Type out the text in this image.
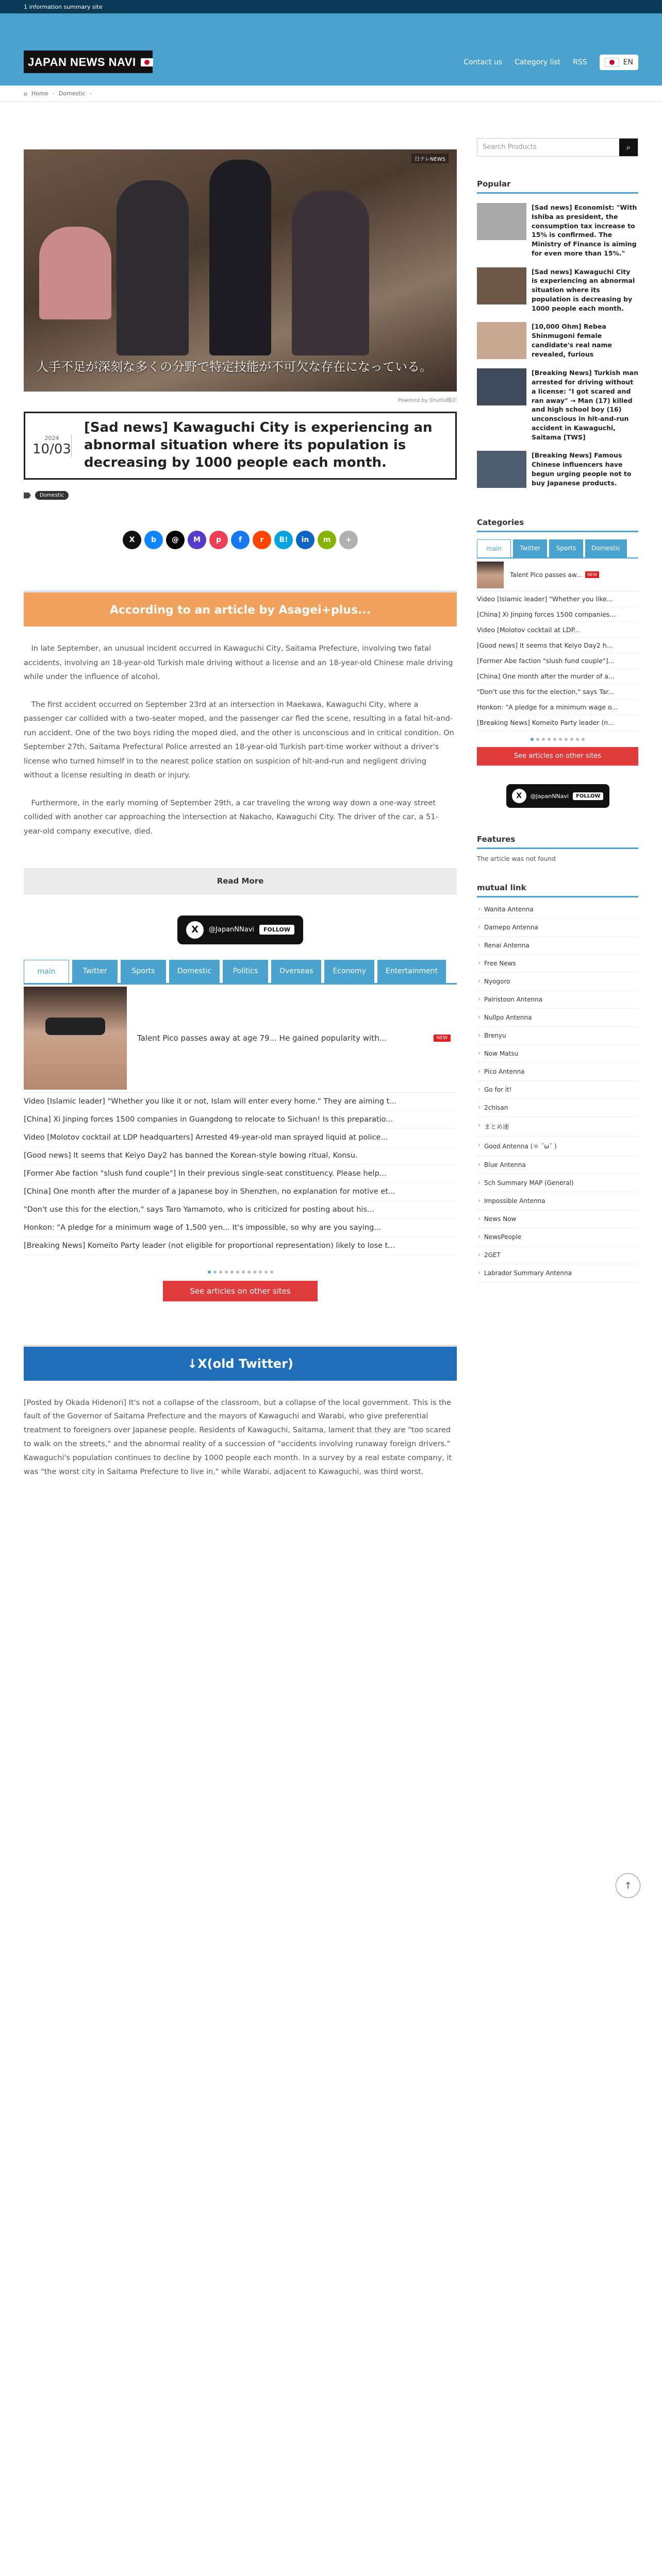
1 information summary site
JAPAN NEWS NAVI	Contact us Category list RSS	EN
⌂ Home › Domestic ›
日テレNEWS
人手不足が深刻な多くの分野で特定技能が不可欠な存在になっている。
Powered by Shutto翻訳
2024
10/03
[Sad news] Kawaguchi City is experiencing an abnormal situation where its population is decreasing by 1000 people each month.
Domestic
X	b	@	M	p	f	r	B!	in	m	+
According to an article by Asagei+plus...

In late September, an unusual incident occurred in Kawaguchi City, Saitama Prefecture, involving two fatal accidents, involving an 18-year-old Turkish male driving without a license and an 18-year-old Chinese male driving while under the influence of alcohol.

The first accident occurred on September 23rd at an intersection in Maekawa, Kawaguchi City, where a passenger car collided with a two-seater moped, and the passenger car fled the scene, resulting in a fatal hit-and-run accident. One of the two boys riding the moped died, and the other is unconscious and in critical condition. On September 27th, Saitama Prefectural Police arrested an 18-year-old Turkish part-time worker without a driver's license who turned himself in to the nearest police station on suspicion of hit-and-run and negligent driving without a license resulting in death or injury.

Furthermore, in the early morning of September 29th, a car traveling the wrong way down a one-way street collided with another car approaching the intersection at Nakacho, Kawaguchi City. The driver of the car, a 51-year-old company executive, died.

Read More
X	@JapanNNavi	FOLLOW
main	Twitter	Sports	Domestic	Politics	Overseas	Economy	Entertainment
Talent Pico passes away at age 79... He gained popularity with...	NEW
Video [Islamic leader] "Whether you like it or not, Islam will enter every home." They are aiming t...
[China] Xi Jinping forces 1500 companies in Guangdong to relocate to Sichuan! Is this preparatio...
Video [Molotov cocktail at LDP headquarters] Arrested 49-year-old man sprayed liquid at police...
[Good news] It seems that Keiyo Day2 has banned the Korean-style bowing ritual, Konsu.
[Former Abe faction "slush fund couple"] In their previous single-seat constituency. Please help...
[China] One month after the murder of a Japanese boy in Shenzhen, no explanation for motive et...
"Don't use this for the election," says Taro Yamamoto, who is criticized for posting about his...
Honkon: "A pledge for a minimum wage of 1,500 yen... It's impossible, so why are you saying...
[Breaking News] Komeito Party leader (not eligible for proportional representation) likely to lose t...
See articles on other sites
↓X(old Twitter)
[Posted by Okada Hidenori] It's not a collapse of the classroom, but a collapse of the local government. This is the fault of the Governor of Saitama Prefecture and the mayors of Kawaguchi and Warabi, who give preferential treatment to foreigners over Japanese people. Residents of Kawaguchi, Saitama, lament that they are "too scared to walk on the streets," and the abnormal reality of a succession of "accidents involving runaway foreign drivers." Kawaguchi's population continues to decline by 1000 people each month. In a survey by a real estate company, it was "the worst city in Saitama Prefecture to live in," while Warabi, adjacent to Kawaguchi, was third worst.
Search Products	⌕
Popular
[Sad news] Economist: "With Ishiba as president, the consumption tax increase to 15% is confirmed. The Ministry of Finance is aiming for even more than 15%."
[Sad news] Kawaguchi City is experiencing an abnormal situation where its population is decreasing by 1000 people each month.
[10,000 Ohm] Rebea Shinmugoni female candidate's real name revealed, furious
[Breaking News] Turkish man arrested for driving without a license: "I got scared and ran away" → Man (17) killed and high school boy (16) unconscious in hit-and-run accident in Kawaguchi, Saitama [TWS]
[Breaking News] Famous Chinese influencers have begun urging people not to buy Japanese products.
Categories
main	Twitter	Sports	Domestic
Talent Pico passes aw...	NEW
Video [Islamic leader] "Whether you like...
[China] Xi Jinping forces 1500 companies...
Video [Molotov cocktail at LDP...
[Good news] It seems that Keiyo Day2 h...
[Former Abe faction "slush fund couple"]...
[China] One month after the murder of a...
"Don't use this for the election," says Tar...
Honkon: "A pledge for a minimum wage o...
[Breaking News] Komeito Party leader (n...
See articles on other sites
X	@JapanNNavi	FOLLOW
Features
The article was not found
mutual link
› Wanita Antenna
› Damepo Antenna
› Renai Antenna
› Free News
› Nyogoro
› Palristoon Antenna
› Nullpo Antenna
› Brenyu
› Now Matsu
› Pico Antenna
› Go for it!
› 2chisan
› まとめ速
› Good Antenna (＊ ˘ω˘ )
› Blue Antenna
› 5ch Summary MAP (General)
› Impossible Antenna
› News Now
› NewsPeople
› 2GET
› Labrador Summary Antenna
↑
